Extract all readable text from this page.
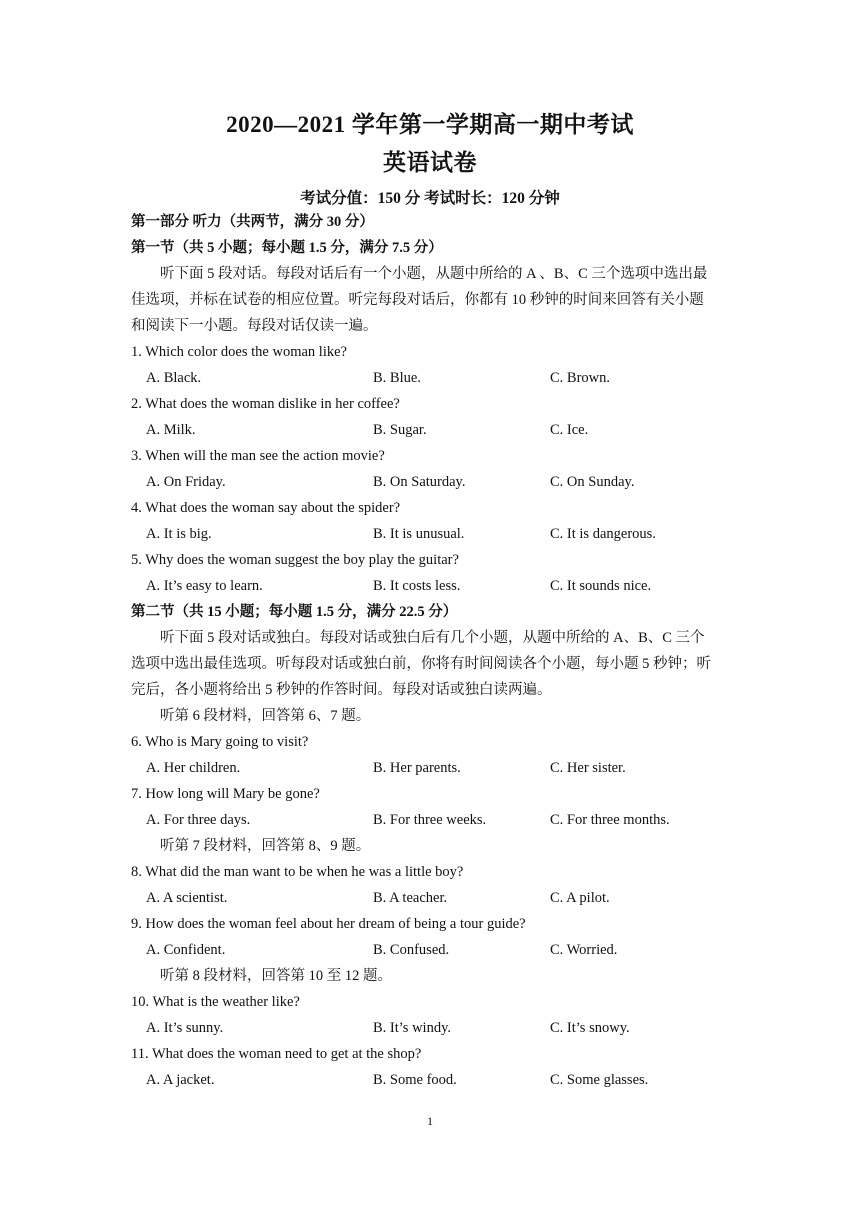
2020—2021 学年第一学期高一期中考试
英语试卷
考试分值：150 分 考试时长：120 分钟
第一部分 听力（共两节，满分 30 分）
第一节（共 5 小题；每小题 1.5 分，满分 7.5 分）
听下面 5 段对话。每段对话后有一个小题，从题中所给的 A 、B、C 三个选项中选出最
佳选项，并标在试卷的相应位置。听完每段对话后，你都有 10 秒钟的时间来回答有关小题
和阅读下一小题。每段对话仅读一遍。
1. Which color does the woman like?
A. Black.	B. Blue.	C. Brown.
2. What does the woman dislike in her coffee?
A. Milk.	B. Sugar.	C. Ice.
3. When will the man see the action movie?
A. On Friday.	B. On Saturday.	C. On Sunday.
4. What does the woman say about the spider?
A. It is big.	B. It is unusual.	C. It is dangerous.
5. Why does the woman suggest the boy play the guitar?
A. It’s easy to learn.	B. It costs less.	C. It sounds nice.
第二节（共 15 小题；每小题 1.5 分，满分 22.5 分）
听下面 5 段对话或独白。每段对话或独白后有几个小题，从题中所给的 A、B、C 三个
选项中选出最佳选项。听每段对话或独白前，你将有时间阅读各个小题，每小题 5 秒钟；听
完后，各小题将给出 5 秒钟的作答时间。每段对话或独白读两遍。
听第 6 段材料，回答第 6、7 题。
6. Who is Mary going to visit?
A. Her children.	B. Her parents.	C. Her sister.
7. How long will Mary be gone?
A. For three days.	B. For three weeks.	C. For three months.
听第 7 段材料，回答第 8、9 题。
8. What did the man want to be when he was a little boy?
A. A scientist.	B. A teacher.	C. A pilot.
9. How does the woman feel about her dream of being a tour guide?
A. Confident.	B. Confused.	C. Worried.
听第 8 段材料，回答第 10 至 12 题。
10. What is the weather like?
A. It’s sunny.	B. It’s windy.	C. It’s snowy.
11. What does the woman need to get at the shop?
A. A jacket.	B. Some food.	C. Some glasses.
1
